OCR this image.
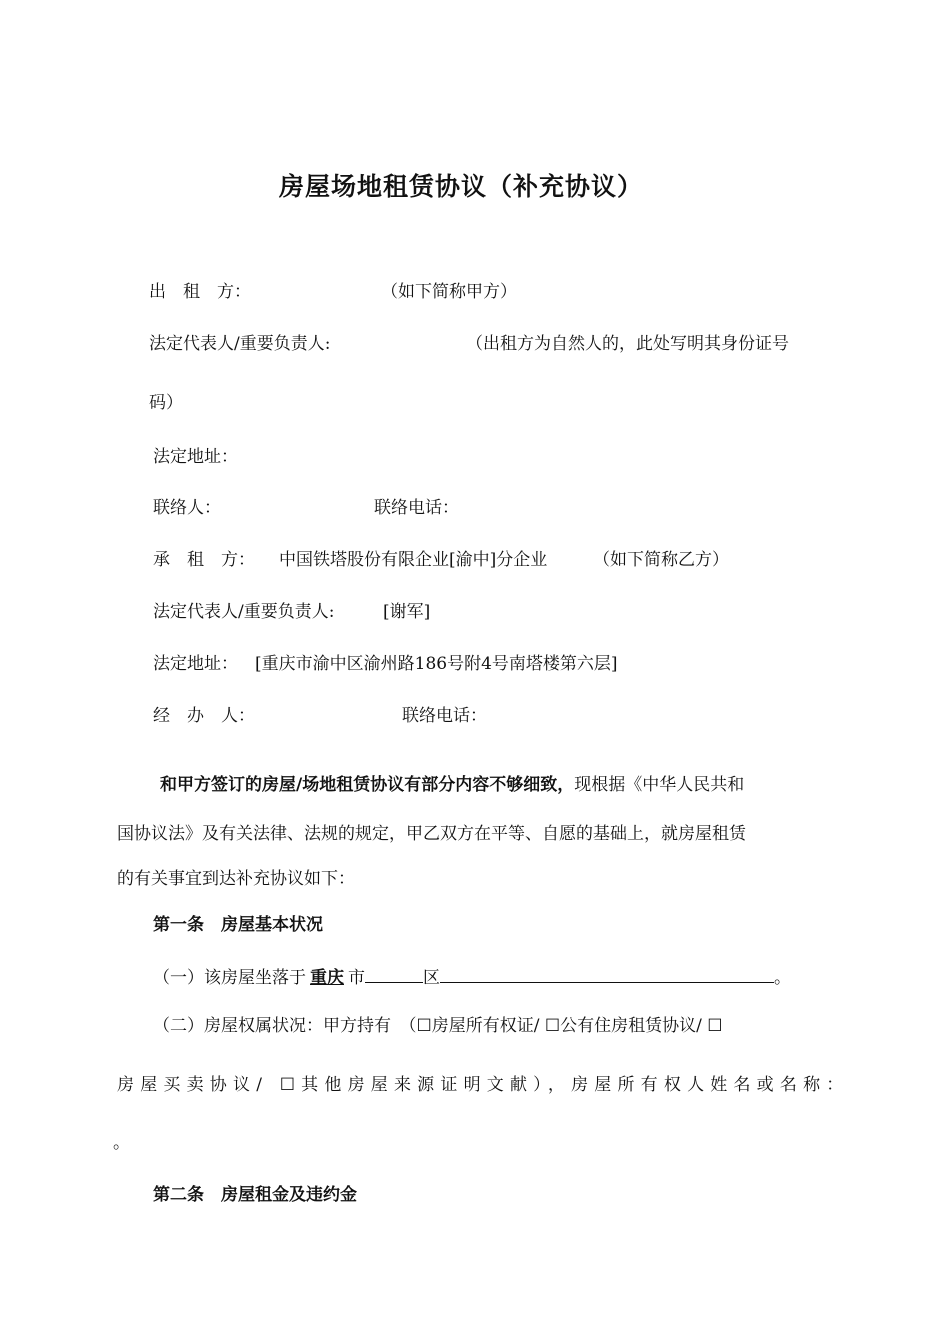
房屋场地租赁协议（补充协议）
出　租　方：	（如下简称甲方）
法定代表人/重要负责人:	（出租方为自然人的，此处写明其身份证号
码）
法定地址：
联络人：	联络电话：
承　租　方： 中国铁塔股份有限企业[渝中]分企业	（如下简称乙方）
法定代表人/重要负责人:	[谢军]
法定地址： [重庆市渝中区渝州路186号附4号南塔楼第六层]
经　办　人：	联络电话：
和甲方签订的房屋/场地租赁协议有部分内容不够细致，现根据《中华人民共和
国协议法》及有关法律、法规的规定，甲乙双方在平等、自愿的基础上，就房屋租赁
的有关事宜到达补充协议如下：
第一条　房屋基本状况
（一）该房屋坐落于 重庆 市	区	。
（二）房屋权属状况：甲方持有　（☐房屋所有权证/ ☐公有住房租赁协议/ ☐
房屋买卖协议/ ☐其他房屋来源证明文献），房屋所有权人姓名或名称：
。
第二条　房屋租金及违约金
